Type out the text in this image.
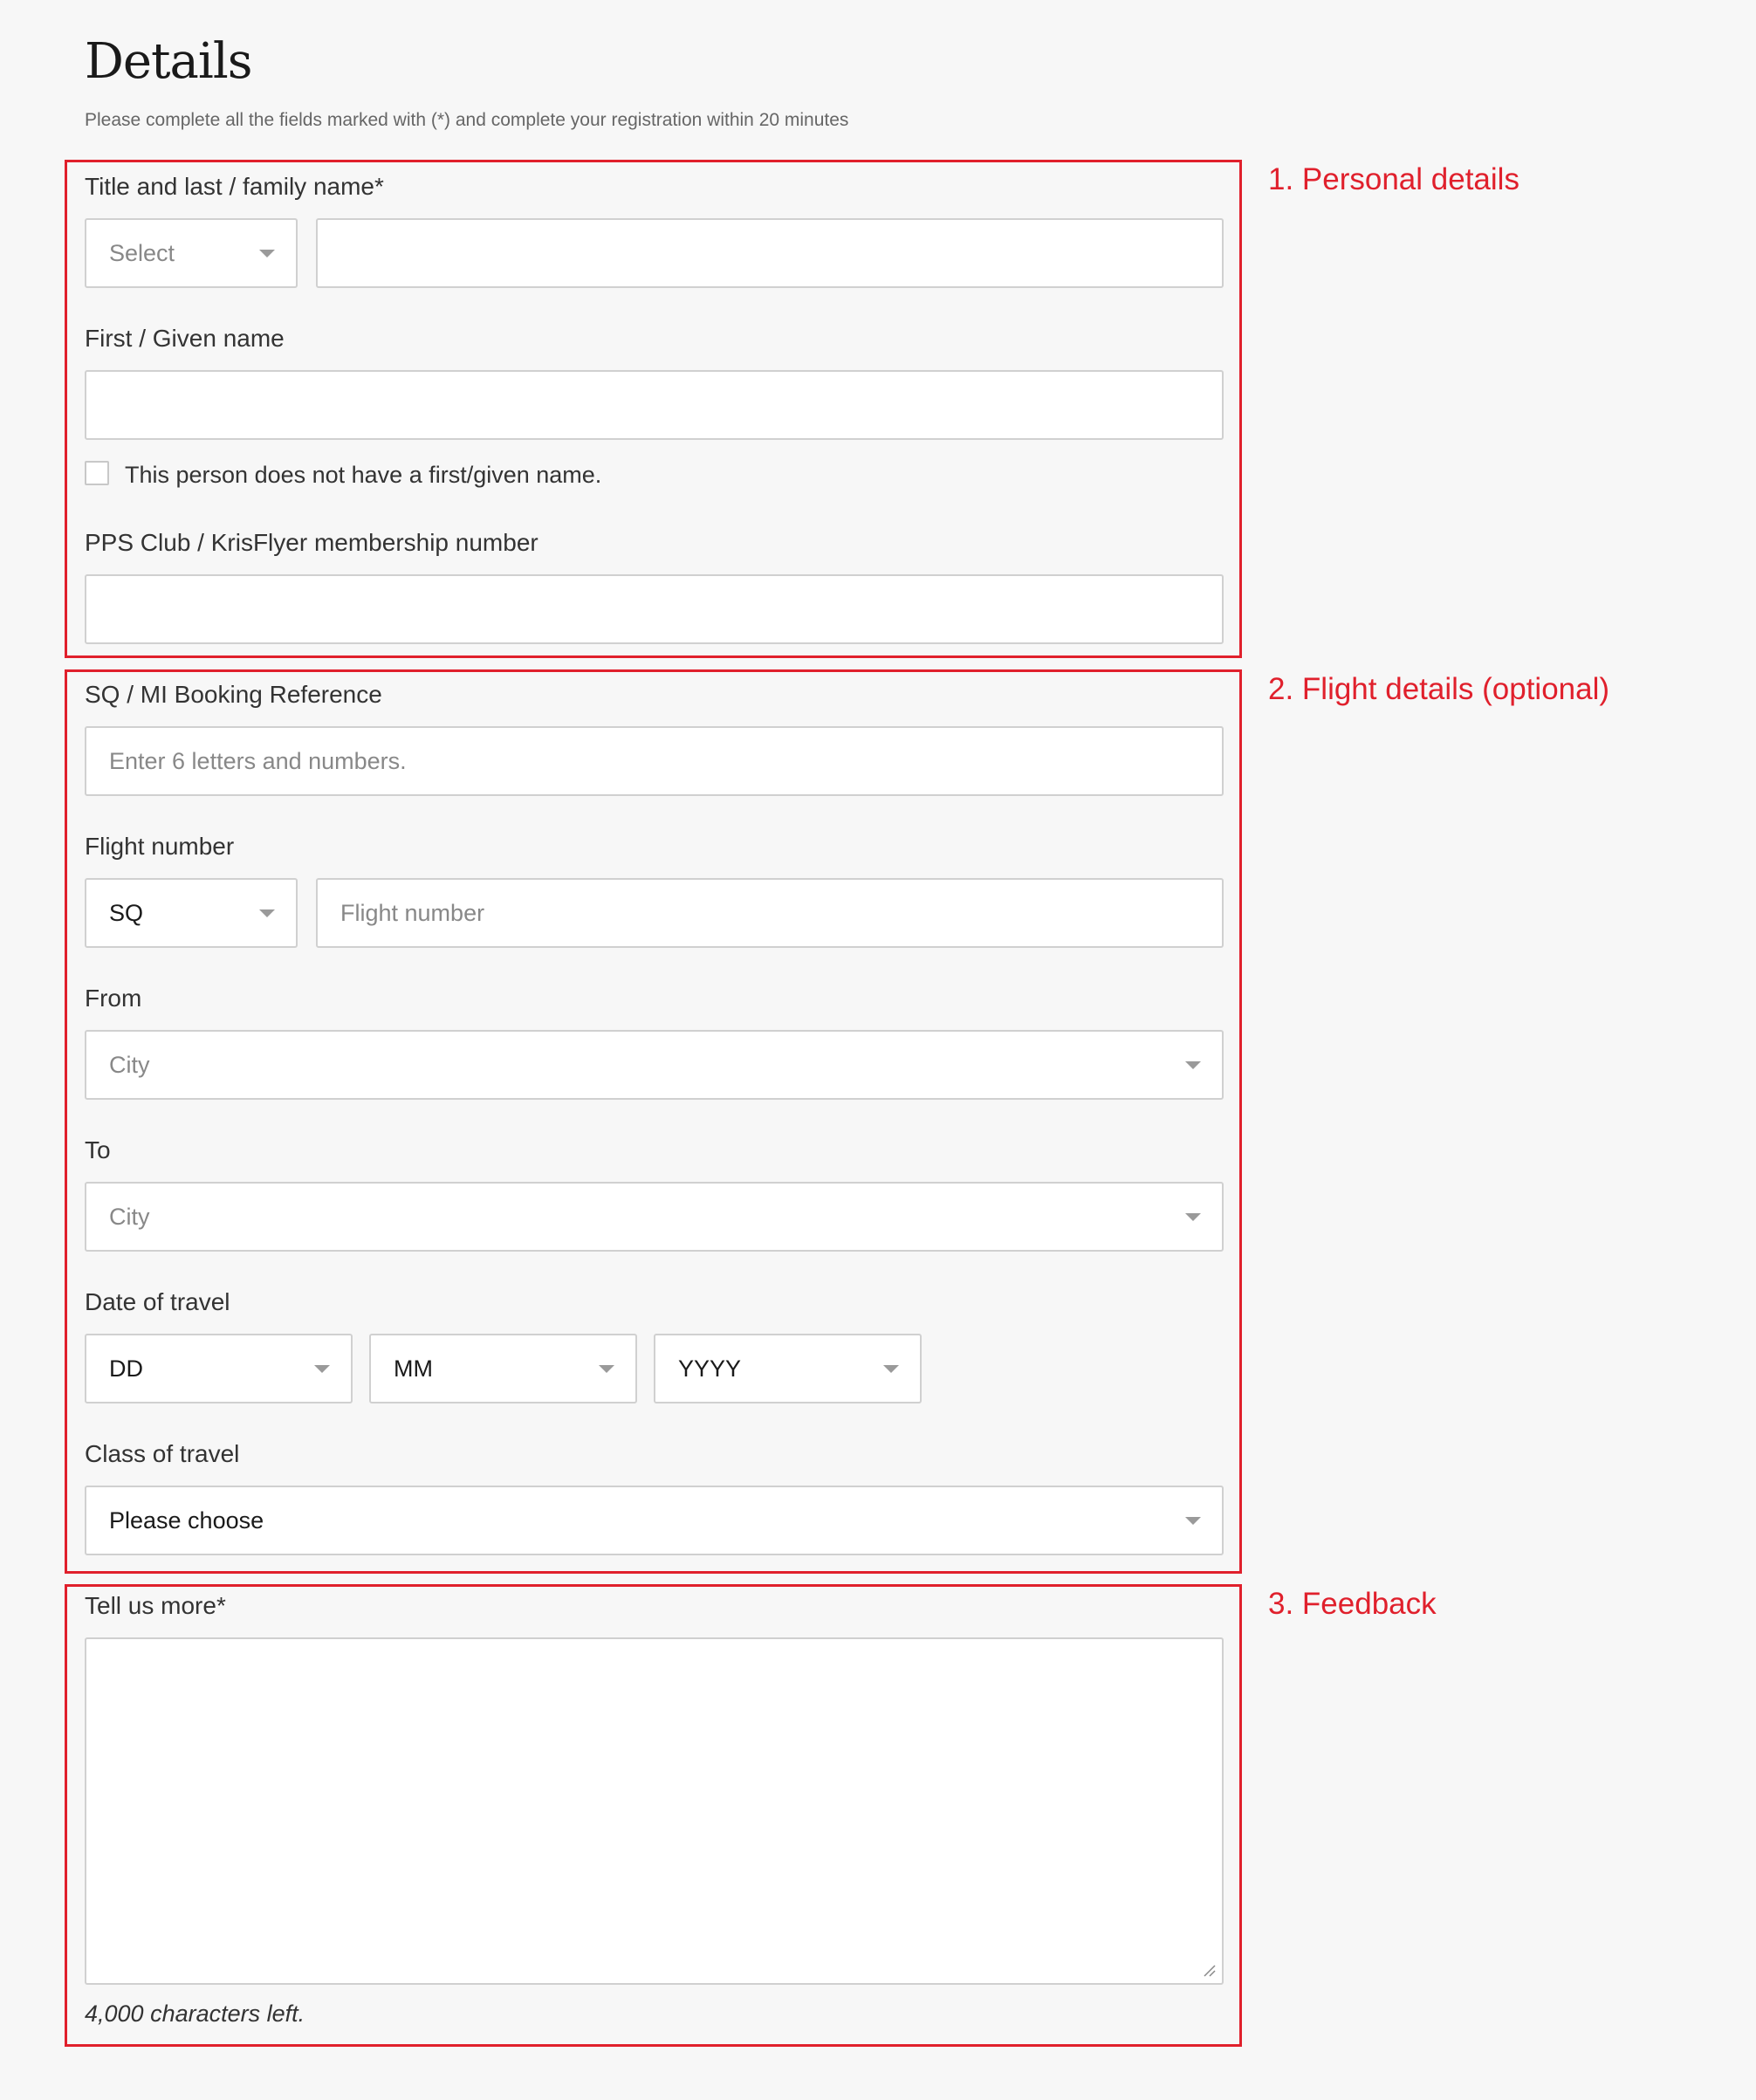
Details
Please complete all the fields marked with (*) and complete your registration within 20 minutes
1. Personal details
2. Flight details (optional)
3. Feedback
Title and last / family name*
Select
First / Given name
This person does not have a first/given name.
PPS Club / KrisFlyer membership number
SQ / MI Booking Reference
Enter 6 letters and numbers.
Flight number
SQ	Flight number
From
City
To
City
Date of travel
DD	MM	YYYY
Class of travel
Please choose
Tell us more*
4,000 characters left.
